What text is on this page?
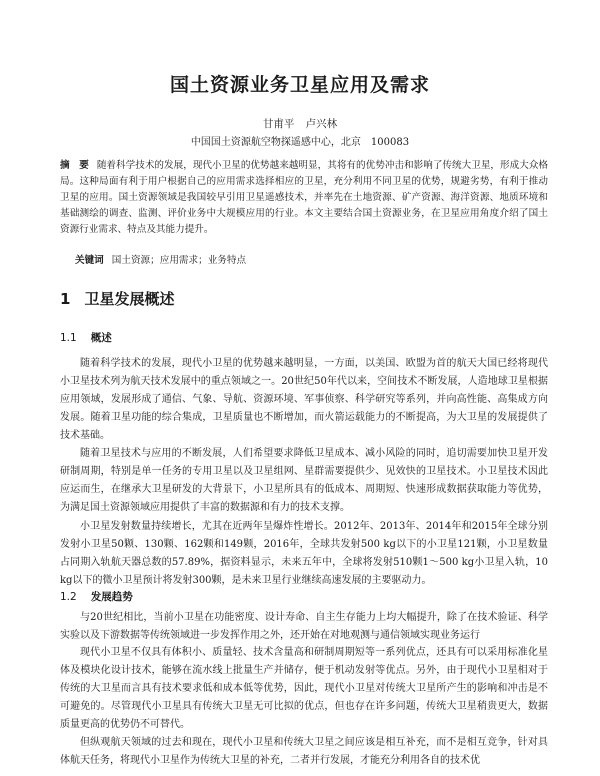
国土资源业务卫星应用及需求
甘甫平 卢兴林
中国国土资源航空物探遥感中心，北京　100083

摘　要 随着科学技术的发展，现代小卫星的优势越来越明显，其将有的优势冲击和影响了传统大卫星，形成大众格局。这种局面有利于用户根据自己的应用需求选择相应的卫星，充分利用不同卫星的优势，规避劣势，有利于推动卫星的应用。国土资源领域是我国较早引用卫星遥感技术，并率先在土地资源、矿产资源、海洋资源、地质环境和基础测绘的调查、监测、评价业务中大规模应用的行业。本文主要结合国土资源业务，在卫星应用角度介绍了国土资源行业需求、特点及其能力提升。

关键词 国土资源；应用需求；业务特点

1 卫星发展概述
1.1 概述

随着科学技术的发展，现代小卫星的优势越来越明显，一方面，以美国、欧盟为首的航天大国已经将现代小卫星技术列为航天技术发展中的重点领域之一。20世纪50年代以来，空间技术不断发展，人造地球卫星根据应用领域，发展形成了通信、气象、导航、资源环境、军事侦察、科学研究等系列，并向高性能、高集成方向发展。随着卫星功能的综合集成，卫星质量也不断增加，而火箭运载能力的不断提高，为大卫星的发展提供了技术基础。

随着卫星技术与应用的不断发展，人们希望要求降低卫星成本、减小风险的同时，追切需要加快卫星开发研制周期，特别是单一任务的专用卫星以及卫星组网、星群需要提供少、见效快的卫星技术。小卫星技术因此应运而生，在继承大卫星研发的大背景下，小卫星所具有的低成本、周期短、快速形成数据获取能力等优势，为满足国土资源领域应用提供了丰富的数据源和有力的技术支撑。

小卫星发射数量持续增长，尤其在近两年呈爆炸性增长。2012年、2013年、2014年和2015年全球分别发射小卫星50颗、130颗、162颗和149颗，2016年，全球共发射500 kg以下的小卫星121颗，小卫星数量占同期入轨航天器总数的57.89%，据资料显示，未来五年中，全球将发射510颗1～500 kg小卫星入轨，10 kg以下的微小卫星预计将发射300颗，是未来卫星行业继续高速发展的主要驱动力。

1.2 发展趋势

与20世纪相比，当前小卫星在功能密度、设计寿命、自主生存能力上均大幅提升，除了在技术验证、科学实验以及下游数据等传统领域进一步发挥作用之外，还开始在对地观测与通信领域实现业务运行

现代小卫星不仅具有体积小、质量轻、技术含量高和研制周期短等一系列优点，还具有可以采用标准化星体及模块化设计技术，能够在流水线上批量生产并储存，便于机动发射等优点。另外，由于现代小卫星相对于传统的大卫星而言具有技术要求低和成本低等优势，因此，现代小卫星对传统大卫星所产生的影响和冲击是不可避免的。尽管现代小卫星具有传统大卫星无可比拟的优点，但也存在许多问题，传统大卫星稍贵更大，数据质量更高的优势仍不可替代。

但纵观航天领域的过去和现在，现代小卫星和传统大卫星之间应该是相互补充，而不是相互竞争，针对具体航天任务，将现代小卫星作为传统大卫星的补充，二者并行发展，才能充分利用各自的技术优
